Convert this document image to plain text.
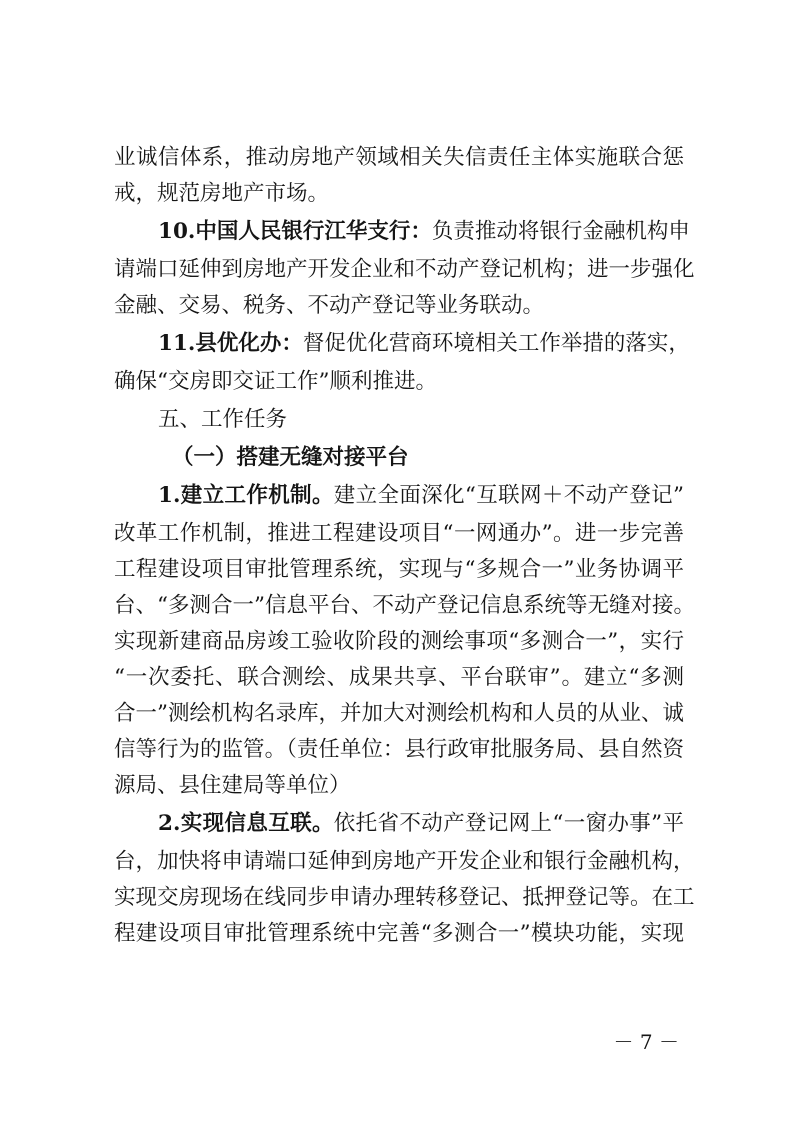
业诚信体系，推动房地产领域相关失信责任主体实施联合惩
戒，规范房地产市场。
10.中国人民银行江华支行：负责推动将银行金融机构申
请端口延伸到房地产开发企业和不动产登记机构；进一步强化
金融、交易、税务、不动产登记等业务联动。
11.县优化办：督促优化营商环境相关工作举措的落实，
确保“交房即交证工作”顺利推进。
五、工作任务
（一）搭建无缝对接平台
1.建立工作机制。建立全面深化“互联网＋不动产登记”
改革工作机制，推进工程建设项目“一网通办”。进一步完善
工程建设项目审批管理系统，实现与“多规合一”业务协调平
台、“多测合一”信息平台、不动产登记信息系统等无缝对接。
实现新建商品房竣工验收阶段的测绘事项“多测合一”，实行
“一次委托、联合测绘、成果共享、平台联审”。建立“多测
合一”测绘机构名录库，并加大对测绘机构和人员的从业、诚
信等行为的监管。（责任单位：县行政审批服务局、县自然资
源局、县住建局等单位）
2.实现信息互联。依托省不动产登记网上“一窗办事”平
台，加快将申请端口延伸到房地产开发企业和银行金融机构，
实现交房现场在线同步申请办理转移登记、抵押登记等。在工
程建设项目审批管理系统中完善“多测合一”模块功能，实现
－ 7 －
